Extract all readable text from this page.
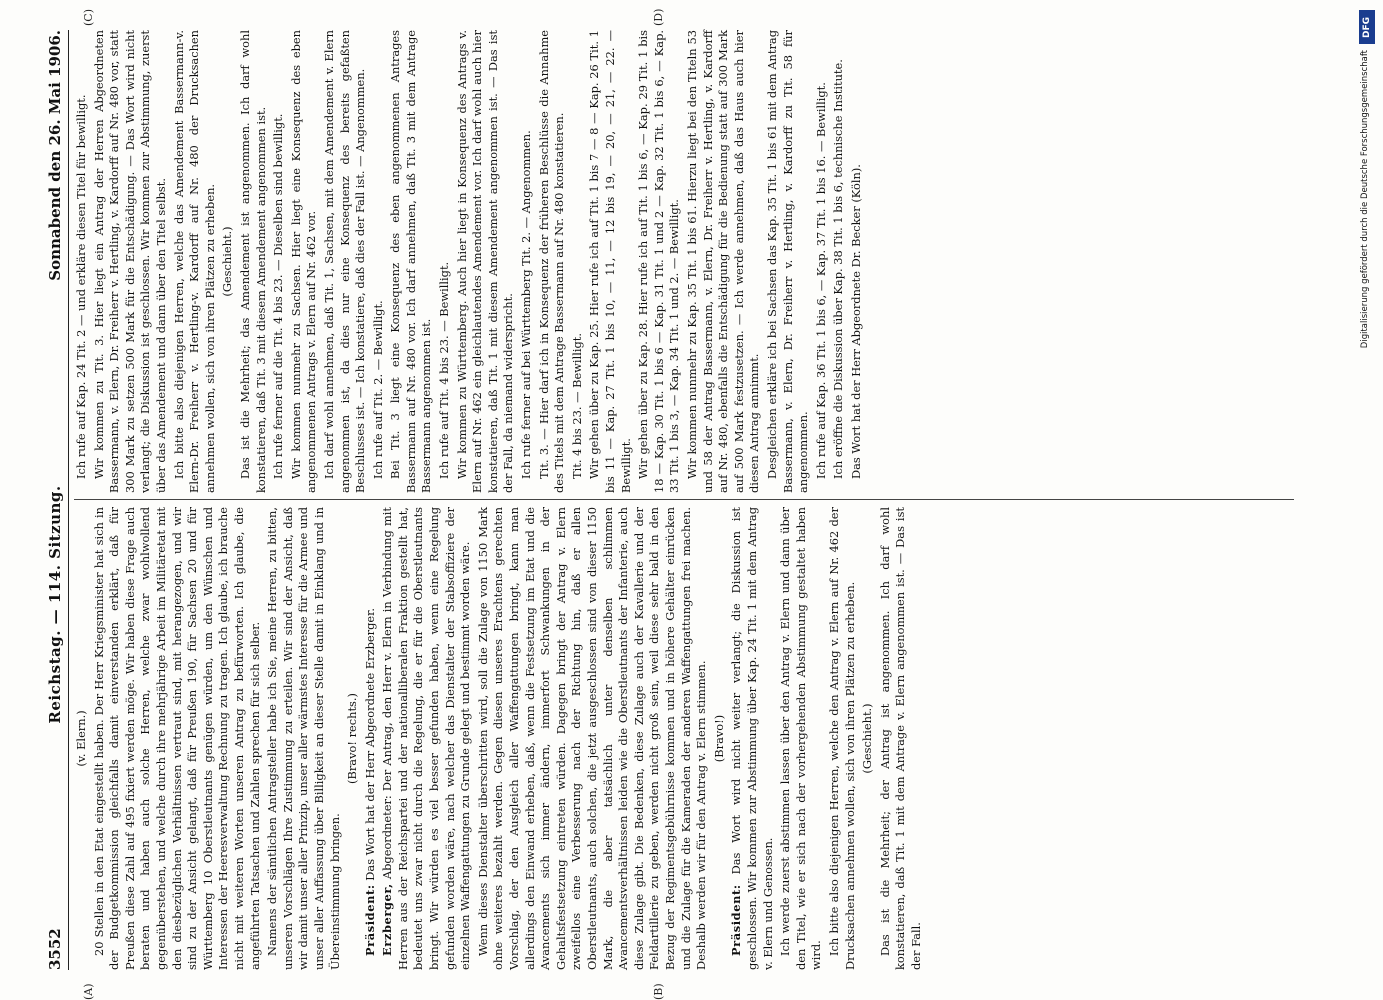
3552
Reichstag. — 114. Sitzung.
Sonnabend den 26. Mai 1906.

(v. Elern.) 20 Stellen in den Etat eingestellt haben. Der Herr Kriegsminister hat sich in der Budgetkommission gleichfalls damit einverstanden erklärt, daß für Preußen diese Zahl auf 495 fixiert werden möge. Wir haben diese Frage auch beraten und haben auch solche Herren, welche zwar wohlwollend gegenüberstehen, und welche durch ihre mehrjährige Arbeit im Militäretat mit den diesbezüglichen Verhältnissen vertraut sind, mit herangezogen, und wir sind zu der Ansicht gelangt, daß für Preußen 190, für Sachsen 20 und für Württemberg 10 Oberstleutnants genügen würden, um den Wünschen und Interessen der Heeresverwaltung Rechnung zu tragen. Ich glaube, ich brauche nicht mit weiteren Worten unseren Antrag zu befürworten. Ich glaube, die angeführten Tatsachen und Zahlen sprechen für sich selber. Namens der sämtlichen Antragsteller habe ich Sie, meine Herren, zu bitten, unseren Vorschlägen Ihre Zustimmung zu erteilen. Wir sind der Ansicht, daß wir damit unser aller Prinzip, unser aller wärmstes Interesse für die Armee und unser aller Auffassung über Billigkeit an dieser Stelle damit in Einklang und in Übereinstimmung bringen.

(Bravo! rechts.)

Präsident: Das Wort hat der Herr Abgeordnete Erzberger.

Erzberger, Abgeordneter: Der Antrag, den Herr v. Elern in Verbindung mit Herren aus der Reichspartei und der nationalliberalen Fraktion gestellt hat, bedeutet uns zwar nicht durch die Regelung, die er für die Oberstleutnants bringt. Wir würden es viel besser gefunden haben, wenn eine Regelung gefunden worden wäre, nach welcher das Dienstalter der Stabsoffiziere der einzelnen Waffengattungen zu Grunde gelegt und bestimmt worden wäre. Wenn dieses Dienstalter überschritten wird, soll die Zulage von 1150 Mark ohne weiteres bezahlt werden. Gegen diesen unseres Erachtens gerechten Vorschlag, der den Ausgleich aller Waffengattungen bringt, kann man allerdings den Einwand erheben, daß, wenn die Festsetzung im Etat und die Avancements sich immer ändern, immerfort Schwankungen in der Gehaltsfestsetzung eintreten würden. Dagegen bringt der Antrag v. Elern zweifellos eine Verbesserung nach der Richtung hin, daß er allen Oberstleutnants, auch solchen, die jetzt ausgeschlossen sind von dieser 1150 Mark, die aber tatsächlich unter denselben schlimmen Avancementsverhältnissen leiden wie die Oberstleutnants der Infanterie, auch diese Zulage gibt. Die Bedenken, diese Zulage auch der Kavallerie und der Feldartillerie zu geben, werden nicht groß sein, weil diese sehr bald in den Bezug der Regimentsgebührnisse kommen und in höhere Gehälter einrücken und die Zulage für die Kameraden der anderen Waffengattungen frei machen. Deshalb werden wir für den Antrag v. Elern stimmen. (Bravo!)

Präsident: Das Wort wird nicht weiter verlangt; die Diskussion ist geschlossen. Wir kommen zur Abstimmung über Kap. 24 Tit. 1 mit dem Antrag v. Elern und Genossen. Ich werde zuerst abstimmen lassen über den Antrag v. Elern und dann über den Titel, wie er sich nach der vorhergehenden Abstimmung gestaltet haben wird. Ich bitte also diejenigen Herren, welche den Antrag v. Elern auf Nr. 462 der Drucksachen annehmen wollen, sich von ihren Plätzen zu erheben. (Geschieht.) Das ist die Mehrheit; der Antrag ist angenommen. Ich darf wohl konstatieren, daß Tit. 1 mit dem Antrage v. Elern angenommen ist. — Das ist der Fall.

Ich rufe auf Kap. 24 Tit. 2 — und erkläre diesen Titel für bewilligt. Wir kommen zu Tit. 3. Hier liegt ein Antrag der Herren Abgeordneten Bassermann, v. Elern, Dr. Freiherr v. Hertling, v. Kardorff auf Nr. 480 vor, statt 300 Mark zu setzen 500 Mark für die Entschädigung. — Das Wort wird nicht verlangt; die Diskussion ist geschlossen. Wir kommen zur Abstimmung, zuerst über das Amendement und dann über den Titel selbst. Ich bitte also diejenigen Herren, welche das Amendement Bassermann-v. Elern-Dr. Freiherr v. Hertling-v. Kardorff auf Nr. 480 der Drucksachen annehmen wollen, sich von ihren Plätzen zu erheben. (Geschieht.) Das ist die Mehrheit; das Amendement ist angenommen. Ich darf wohl konstatieren, daß Tit. 3 mit diesem Amendement angenommen ist. Ich rufe ferner auf die Tit. 4 bis 23. — Dieselben sind bewilligt. Wir kommen nunmehr zu Sachsen. Hier liegt eine Konsequenz des eben angenommenen Antrags v. Elern auf Nr. 462 vor. Ich darf wohl annehmen, daß Tit. 1, Sachsen, mit dem Amendement v. Elern angenommen ist, da dies nur eine Konsequenz des bereits gefaßten Beschlusses ist. — Ich konstatiere, daß dies der Fall ist. — Angenommen. Ich rufe auf Tit. 2. — Bewilligt. Bei Tit. 3 liegt eine Konsequenz des eben angenommenen Antrages Bassermann auf Nr. 480 vor. Ich darf annehmen, daß Tit. 3 mit dem Antrage Bassermann angenommen ist. Ich rufe auf Tit. 4 bis 23. — Bewilligt. Wir kommen zu Württemberg. Auch hier liegt in Konsequenz des Antrags v. Elern auf Nr. 462 ein gleichlautendes Amendement vor. Ich darf wohl auch hier konstatieren, daß Tit. 1 mit diesem Amendement angenommen ist. — Das ist der Fall, da niemand widerspricht. Ich rufe ferner auf bei Württemberg Tit. 2. — Angenommen. Tit. 3. — Hier darf ich in Konsequenz der früheren Beschlüsse die Annahme des Titels mit dem Antrage Bassermann auf Nr. 480 konstatieren. Tit. 4 bis 23. — Bewilligt. Wir gehen über zu Kap. 25. Hier rufe ich auf Tit. 1 bis 7 — 8 — Kap. 26 Tit. 1 bis 11 — Kap. 27 Tit. 1 bis 10, — 11, — 12 bis 19, — 20, — 21, — 22. — Bewilligt. Wir gehen über zu Kap. 28. Hier rufe ich auf Tit. 1 bis 6, — Kap. 29 Tit. 1 bis 18 — Kap. 30 Tit. 1 bis 6 — Kap. 31 Tit. 1 und 2 — Kap. 32 Tit. 1 bis 6, — Kap. 33 Tit. 1 bis 3, — Kap. 34 Tit. 1 und 2. — Bewilligt. Wir kommen nunmehr zu Kap. 35 Tit. 1 bis 61. Hierzu liegt bei den Titeln 53 und 58 der Antrag Bassermann, v. Elern, Dr. Freiherr v. Hertling, v. Kardorff auf Nr. 480, ebenfalls die Entschädigung für die Bedienung statt auf 300 Mark auf 500 Mark festzusetzen. — Ich werde annehmen, daß das Haus auch hier diesen Antrag annimmt. Desgleichen erkläre ich bei Sachsen das Kap. 35 Tit. 1 bis 61 mit dem Antrag Bassermann, v. Elern, Dr. Freiherr v. Hertling, v. Kardorff zu Tit. 58 für angenommen. Ich rufe auf Kap. 36 Tit. 1 bis 6, — Kap. 37 Tit. 1 bis 16. — Bewilligt. Ich eröffne die Diskussion über Kap. 38 Tit. 1 bis 6, technische Institute. Das Wort hat der Herr Abgeordnete Dr. Becker (Köln).

(A)	(B)
(C)	(D)	DFG
Digitalisierung gefördert durch die Deutsche Forschungsgemeinschaft
